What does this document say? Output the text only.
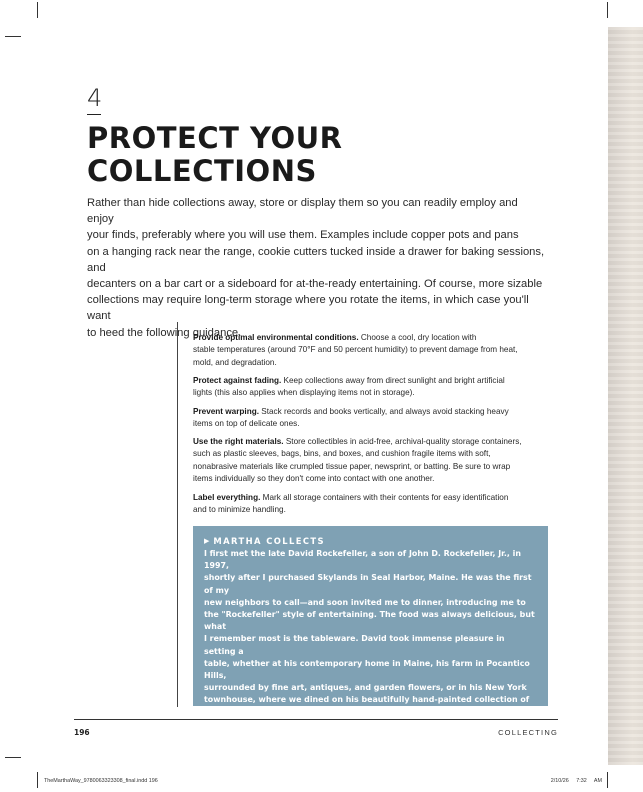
4
PROTECT YOUR
COLLECTIONS

Rather than hide collections away, store or display them so you can readily employ and enjoy
your finds, preferably where you will use them. Examples include copper pots and pans
on a hanging rack near the range, cookie cutters tucked inside a drawer for baking sessions, and
decanters on a bar cart or a sideboard for at-the-ready entertaining. Of course, more sizable
collections may require long-term storage where you rotate the items, in which case you'll want
to heed the following guidance.

Provide optimal environmental conditions. Choose a cool, dry location with
stable temperatures (around 70°F and 50 percent humidity) to prevent damage from heat,
mold, and degradation.

Protect against fading. Keep collections away from direct sunlight and bright artificial
lights (this also applies when displaying items not in storage).

Prevent warping. Stack records and books vertically, and always avoid stacking heavy
items on top of delicate ones.

Use the right materials. Store collectibles in acid-free, archival-quality storage containers,
such as plastic sleeves, bags, bins, and boxes, and cushion fragile items with soft,
nonabrasive materials like crumpled tissue paper, newsprint, or batting. Be sure to wrap
items individually so they don't come into contact with one another.

Label everything. Mark all storage containers with their contents for easy identification
and to minimize handling.

▶ MARTHA COLLECTS

I first met the late David Rockefeller, a son of John D. Rockefeller, Jr., in 1997,
shortly after I purchased Skylands in Seal Harbor, Maine. He was the first of my
new neighbors to call—and soon invited me to dinner, introducing me to
the "Rockefeller" style of entertaining. The food was always delicious, but what
I remember most is the tableware. David took immense pleasure in setting a
table, whether at his contemporary home in Maine, his farm in Pocantico Hills,
surrounded by fine art, antiques, and garden flowers, or in his New York
townhouse, where we dined on his beautifully hand-painted collection of china
(such as the English Derby platter, opposite) that reflected his late wife Peggy's
love of nature. Those gatherings left a lasting impression on me, as did
David himself—his warmth, his friendship, and his deep appreciation for fine
food and gracious dining.

196	COLLECTING
TheMarthaWay_9780063323308_final.indd 196	2/10/26 7:32 AM
